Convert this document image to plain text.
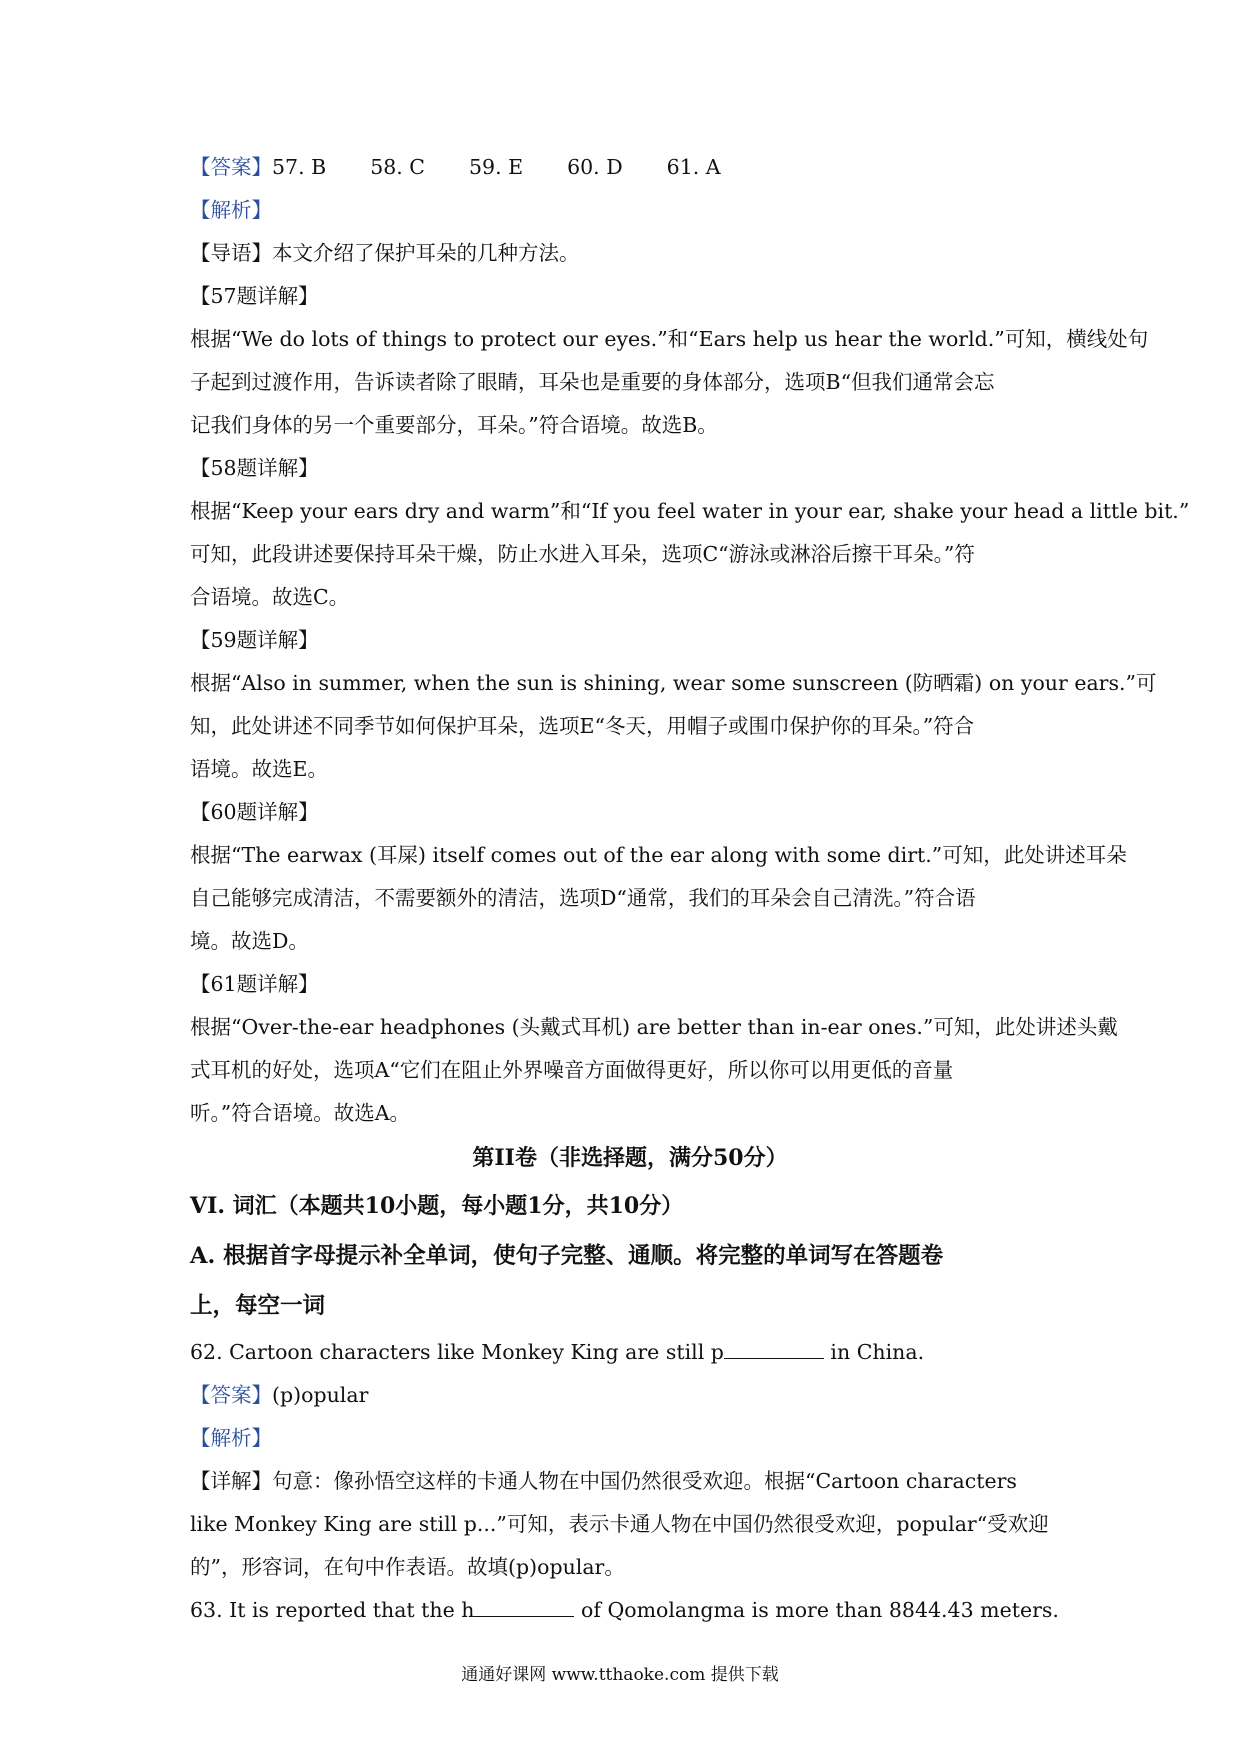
【答案】57. B 58. C 59. E 60. D 61. A
【解析】
【导语】本文介绍了保护耳朵的几种方法。
【57题详解】
根据“We do lots of things to protect our eyes.”和“Ears help us hear the world.”可知，横线处句
子起到过渡作用，告诉读者除了眼睛，耳朵也是重要的身体部分，选项B“但我们通常会忘
记我们身体的另一个重要部分，耳朵。”符合语境。故选B。
【58题详解】
根据“Keep your ears dry and warm”和“If you feel water in your ear, shake your head a little bit.”
可知，此段讲述要保持耳朵干燥，防止水进入耳朵，选项C“游泳或淋浴后擦干耳朵。”符
合语境。故选C。
【59题详解】
根据“Also in summer, when the sun is shining, wear some sunscreen (防晒霜) on your ears.”可
知，此处讲述不同季节如何保护耳朵，选项E“冬天，用帽子或围巾保护你的耳朵。”符合
语境。故选E。
【60题详解】
根据“The earwax (耳屎) itself comes out of the ear along with some dirt.”可知，此处讲述耳朵
自己能够完成清洁，不需要额外的清洁，选项D“通常，我们的耳朵会自己清洗。”符合语
境。故选D。
【61题详解】
根据“Over-the-ear headphones (头戴式耳机) are better than in-ear ones.”可知，此处讲述头戴
式耳机的好处，选项A“它们在阻止外界噪音方面做得更好，所以你可以用更低的音量
听。”符合语境。故选A。
第II卷（非选择题，满分50分）
VI. 词汇（本题共10小题，每小题1分，共10分）
A. 根据首字母提示补全单词，使句子完整、通顺。将完整的单词写在答题卷
上，每空一词
62. Cartoon characters like Monkey King are still p	in China.
【答案】(p)opular
【解析】
【详解】句意：像孙悟空这样的卡通人物在中国仍然很受欢迎。根据“Cartoon characters
like Monkey King are still p...”可知，表示卡通人物在中国仍然很受欢迎，popular“受欢迎
的”，形容词，在句中作表语。故填(p)opular。
63. It is reported that the h	of Qomolangma is more than 8844.43 meters.
通通好课网 www.tthaoke.com 提供下载
